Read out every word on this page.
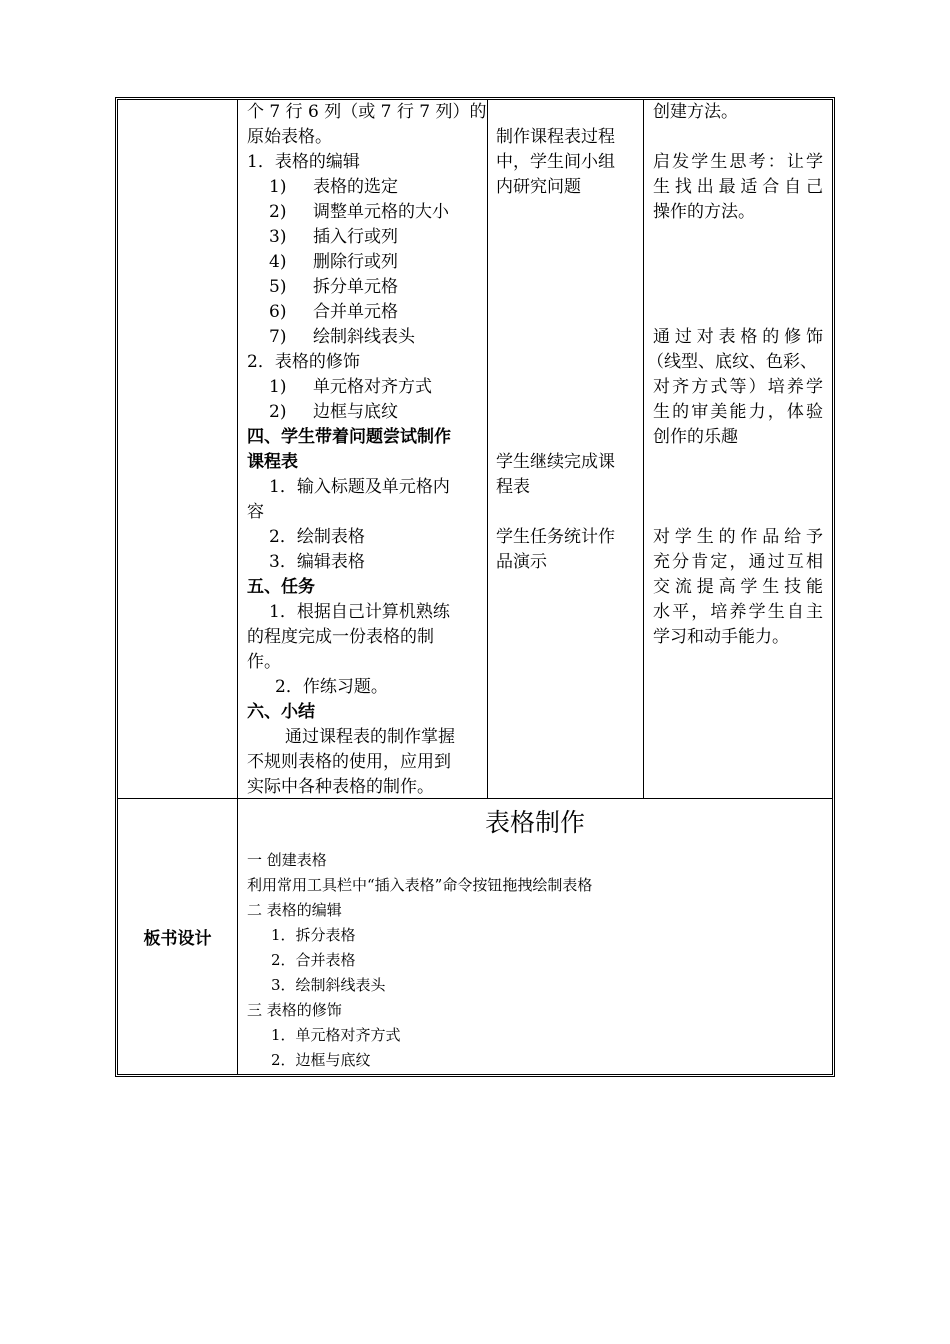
个 7 行 6 列（或 7 行 7 列）的
原始表格。
1．表格的编辑
1) 表格的选定
2) 调整单元格的大小
3) 插入行或列
4) 删除行或列
5) 拆分单元格
6) 合并单元格
7) 绘制斜线表头
2．表格的修饰
1) 单元格对齐方式
2) 边框与底纹
四、学生带着问题尝试制作
课程表
1．输入标题及单元格内
容
2．绘制表格
3．编辑表格
五、任务
1．根据自己计算机熟练
的程度完成一份表格的制
作。
2．作练习题。
六、小结
通过课程表的制作掌握
不规则表格的使用，应用到
实际中各种表格的制作。
制作课程表过程
中，学生间小组
内研究问题
学生继续完成课
程表
学生任务统计作
品演示
创建方法。
启发学生思考：让学
生找出最适合自己
操作的方法。
通过对表格的修饰
（线型、底纹、色彩、
对齐方式等）培养学
生的审美能力，体验
创作的乐趣
对学生的作品给予
充分肯定，通过互相
交流提高学生技能
水平，培养学生自主
学习和动手能力。
板书设计
表格制作
一 创建表格
利用常用工具栏中“插入表格”命令按钮拖拽绘制表格
二 表格的编辑
1．拆分表格
2．合并表格
3．绘制斜线表头
三 表格的修饰
1．单元格对齐方式
2．边框与底纹
